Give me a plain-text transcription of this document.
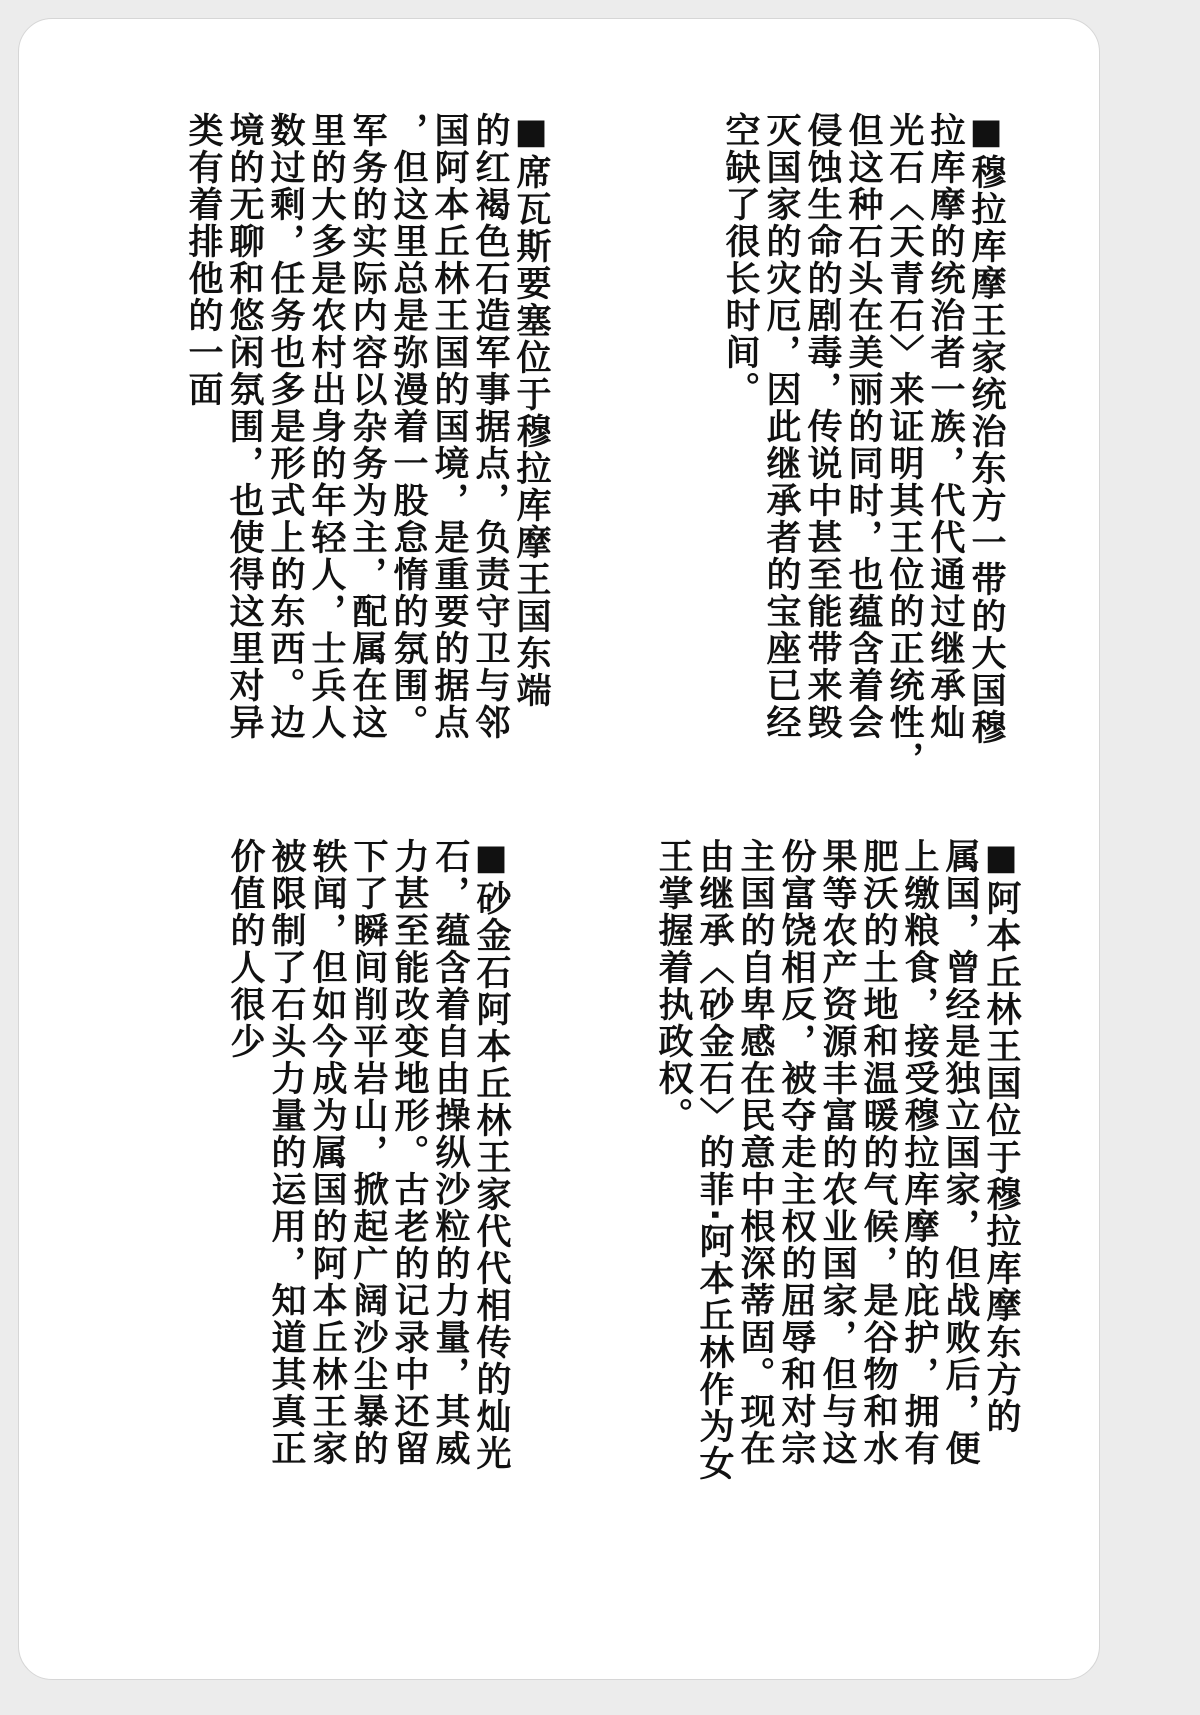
■穆拉库摩王家统治东方一带的大国穆
拉库摩的统治者一族，代代通过继承灿
光石〈天青石〉来证明其王位的正统性，
但这种石头在美丽的同时，也蕴含着会
侵蚀生命的剧毒，传说中甚至能带来毁
灭国家的灾厄，因此继承者的宝座已经
空缺了很长时间。
■席瓦斯要塞位于穆拉库摩王国东端
的红褐色石造军事据点，负责守卫与邻
国阿本丘林王国的国境，是重要的据点
，但这里总是弥漫着一股怠惰的氛围。
军务的实际内容以杂务为主，配属在这
里的大多是农村出身的年轻人，士兵人
数过剩，任务也多是形式上的东西。边
境的无聊和悠闲氛围，也使得这里对异
类有着排他的一面
■阿本丘林王国位于穆拉库摩东方的
属国，曾经是独立国家，但战败后，便
上缴粮食，接受穆拉库摩的庇护，拥有
肥沃的土地和温暖的气候，是谷物和水
果等农产资源丰富的农业国家，但与这
份富饶相反，被夺走主权的屈辱和对宗
主国的自卑感在民意中根深蒂固。现在
由继承〈砂金石〉的菲·阿本丘林作为女
王掌握着执政权。
■砂金石阿本丘林王家代代相传的灿光
石，蕴含着自由操纵沙粒的力量，其威
力甚至能改变地形。古老的记录中还留
下了瞬间削平岩山，掀起广阔沙尘暴的
轶闻，但如今成为属国的阿本丘林王家
被限制了石头力量的运用，知道其真正
价值的人很少
